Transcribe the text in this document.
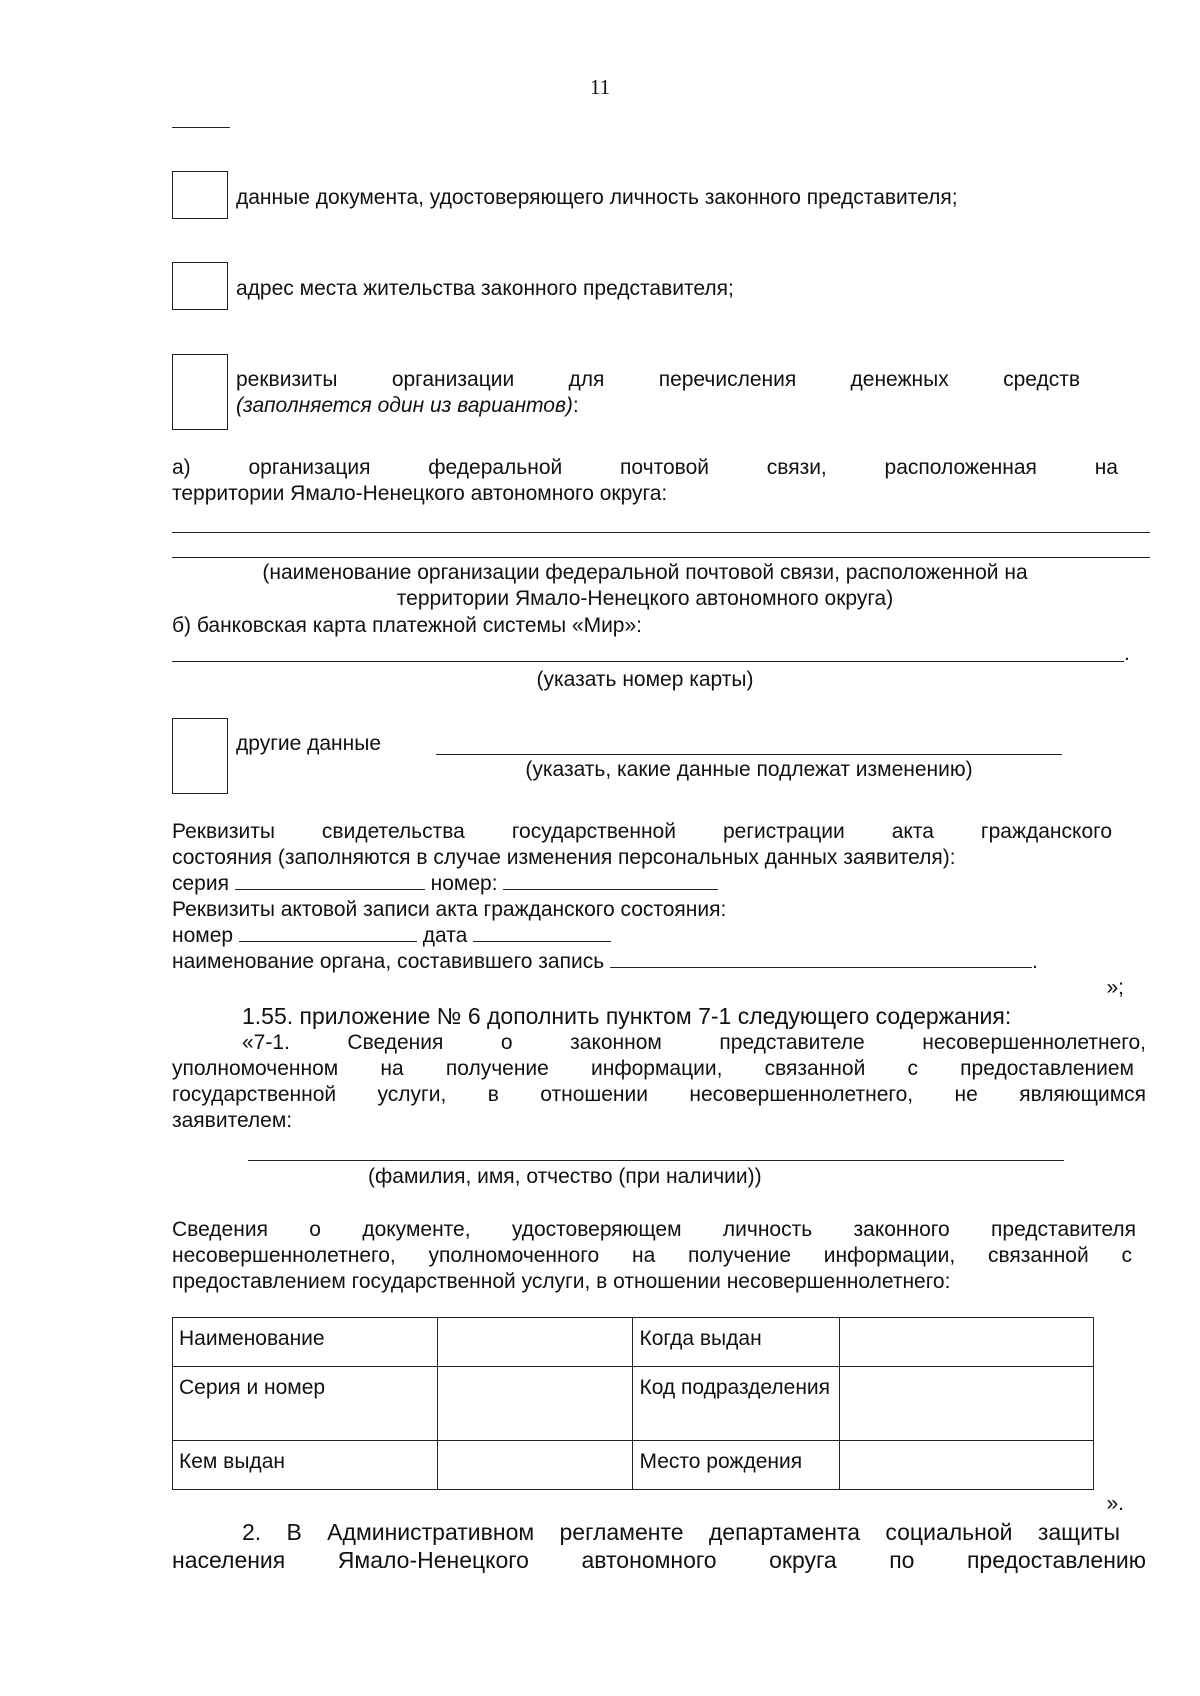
11
данные документа, удостоверяющего личность законного представителя;
адрес места жительства законного представителя;
реквизиты организации для перечисления денежных средств
(заполняется один из вариантов):
а) организация федеральной почтовой связи, расположенная на
территории Ямало-Ненецкого автономного округа:
(наименование организации федеральной почтовой связи, расположенной на
территории Ямало-Ненецкого автономного округа)
б) банковская карта платежной системы «Мир»:
.
(указать номер карты)
другие данные
(указать, какие данные подлежат изменению)
Реквизиты свидетельства государственной регистрации акта гражданского
состояния (заполняются в случае изменения персональных данных заявителя):
серия	номер:
Реквизиты актовой записи акта гражданского состояния:
номер	дата
наименование органа, составившего запись	.
»;
1.55. приложение № 6 дополнить пунктом 7-1 следующего содержания:
«7-1. Сведения о законном представителе несовершеннолетнего,
уполномоченном на получение информации, связанной с предоставлением
государственной услуги, в отношении несовершеннолетнего, не являющимся
заявителем:
(фамилия, имя, отчество (при наличии))
Сведения о документе, удостоверяющем личность законного представителя
несовершеннолетнего, уполномоченного на получение информации, связанной с
предоставлением государственной услуги, в отношении несовершеннолетнего:
Наименование		Когда выдан	
Серия и номер		Код подразделения	
Кем выдан		Место рождения	
».
2. В Административном регламенте департамента социальной защиты
населения Ямало-Ненецкого автономного округа по предоставлению
